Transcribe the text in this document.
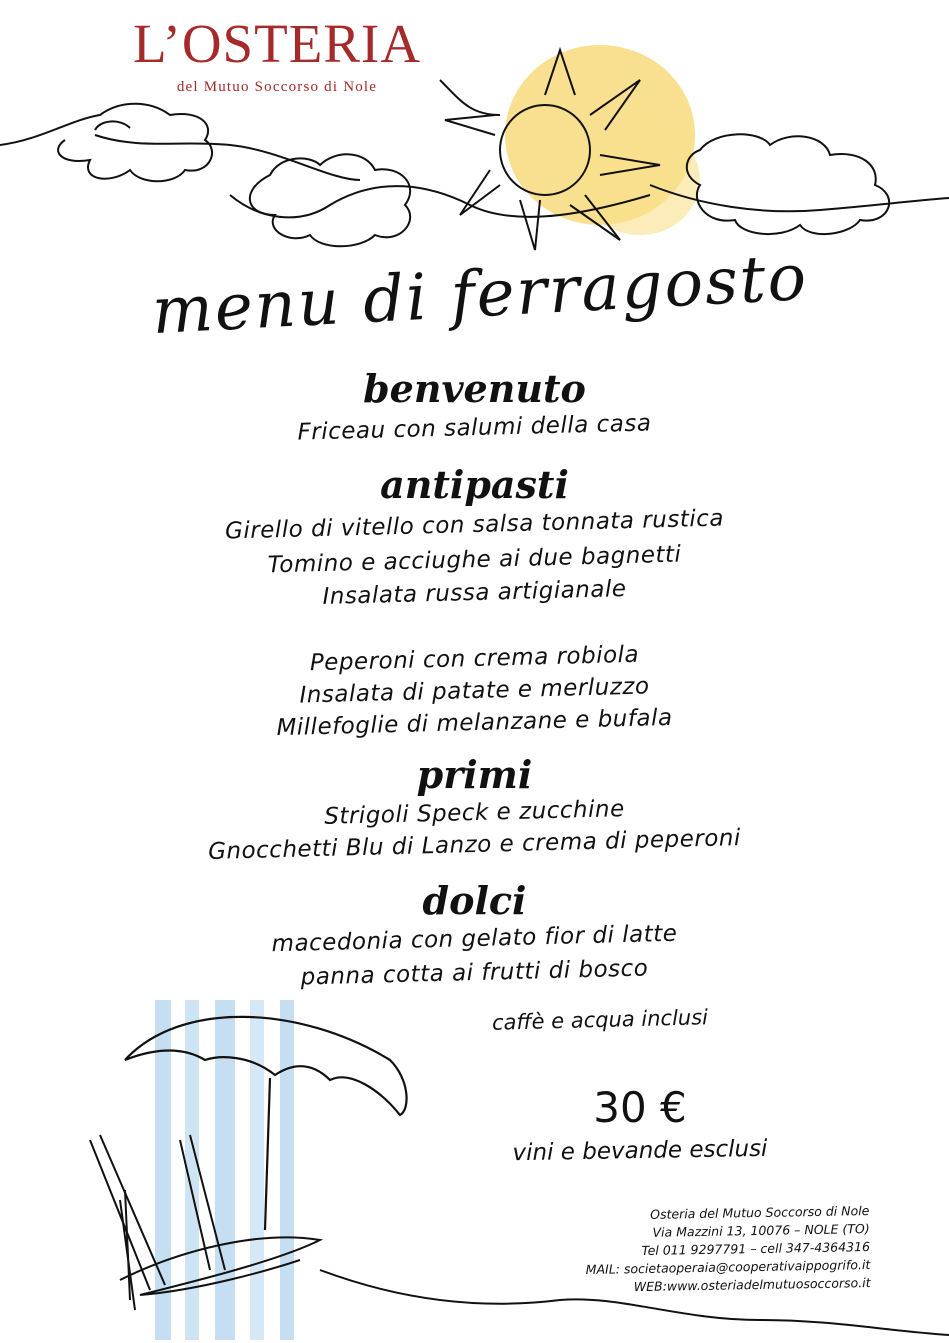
L’OSTERIA
del Mutuo Soccorso di Nole
menu di ferragosto
benvenuto
Friceau con salumi della casa
antipasti
Girello di vitello con salsa tonnata rustica
Tomino e acciughe ai due bagnetti
Insalata russa artigianale
Peperoni con crema robiola
Insalata di patate e merluzzo
Millefoglie di melanzane e bufala
primi
Strigoli Speck e zucchine
Gnocchetti Blu di Lanzo e crema di peperoni
dolci
macedonia con gelato fior di latte
panna cotta ai frutti di bosco
caffè e acqua inclusi
30 €
vini e bevande esclusi
Osteria del Mutuo Soccorso di Nole
Via Mazzini 13, 10076 – NOLE (TO)
Tel 011 9297791 – cell 347-4364316
MAIL: societaoperaia@cooperativaippogrifo.it
WEB:www.osteriadelmutuosoccorso.it
